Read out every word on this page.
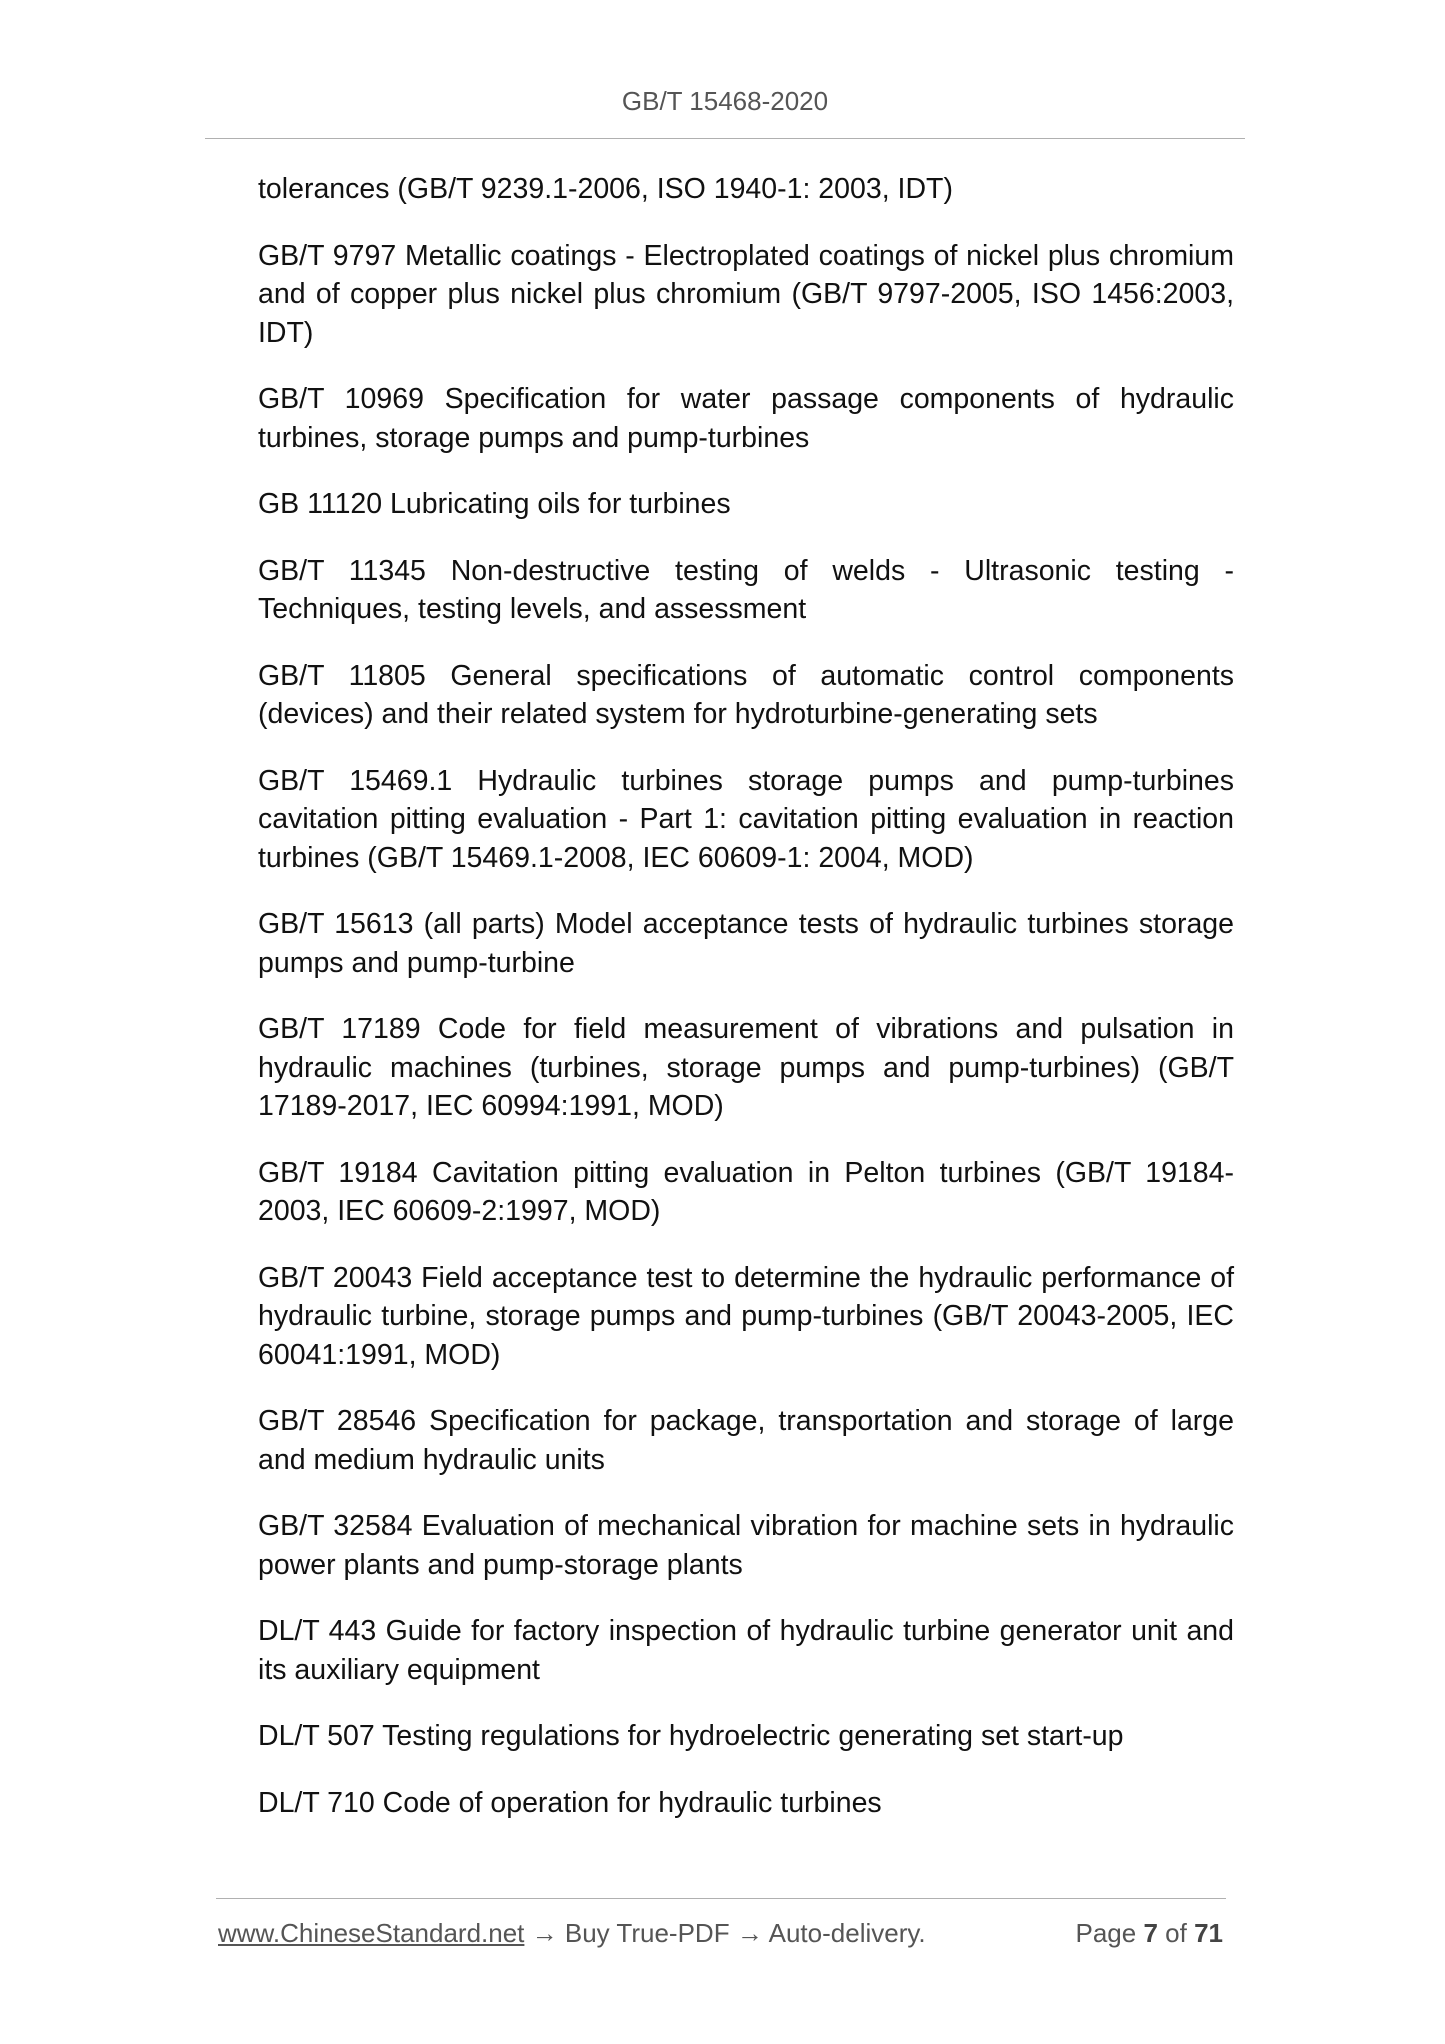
GB/T 15468-2020

tolerances (GB/T 9239.1-2006, ISO 1940-1: 2003, IDT)

GB/T 9797 Metallic coatings - Electroplated coatings of nickel plus chromium and of copper plus nickel plus chromium (GB/T 9797-2005, ISO 1456:2003, IDT)

GB/T 10969 Specification for water passage components of hydraulic turbines, storage pumps and pump-turbines

GB 11120 Lubricating oils for turbines

GB/T 11345 Non-destructive testing of welds - Ultrasonic testing - Techniques, testing levels, and assessment

GB/T 11805 General specifications of automatic control components (devices) and their related system for hydroturbine-generating sets

GB/T 15469.1 Hydraulic turbines storage pumps and pump-turbines cavitation pitting evaluation - Part 1: cavitation pitting evaluation in reaction turbines (GB/T 15469.1-2008, IEC 60609-1: 2004, MOD)

GB/T 15613 (all parts) Model acceptance tests of hydraulic turbines storage pumps and pump-turbine

GB/T 17189 Code for field measurement of vibrations and pulsation in hydraulic machines (turbines, storage pumps and pump-turbines) (GB/T 17189-2017, IEC 60994:1991, MOD)

GB/T 19184 Cavitation pitting evaluation in Pelton turbines (GB/T 19184-2003, IEC 60609-2:1997, MOD)

GB/T 20043 Field acceptance test to determine the hydraulic performance of hydraulic turbine, storage pumps and pump-turbines (GB/T 20043-2005, IEC 60041:1991, MOD)

GB/T 28546 Specification for package, transportation and storage of large and medium hydraulic units

GB/T 32584 Evaluation of mechanical vibration for machine sets in hydraulic power plants and pump-storage plants

DL/T 443 Guide for factory inspection of hydraulic turbine generator unit and its auxiliary equipment

DL/T 507 Testing regulations for hydroelectric generating set start-up

DL/T 710 Code of operation for hydraulic turbines

www.ChineseStandard.net → Buy True-PDF → Auto-delivery.	Page 7 of 71
